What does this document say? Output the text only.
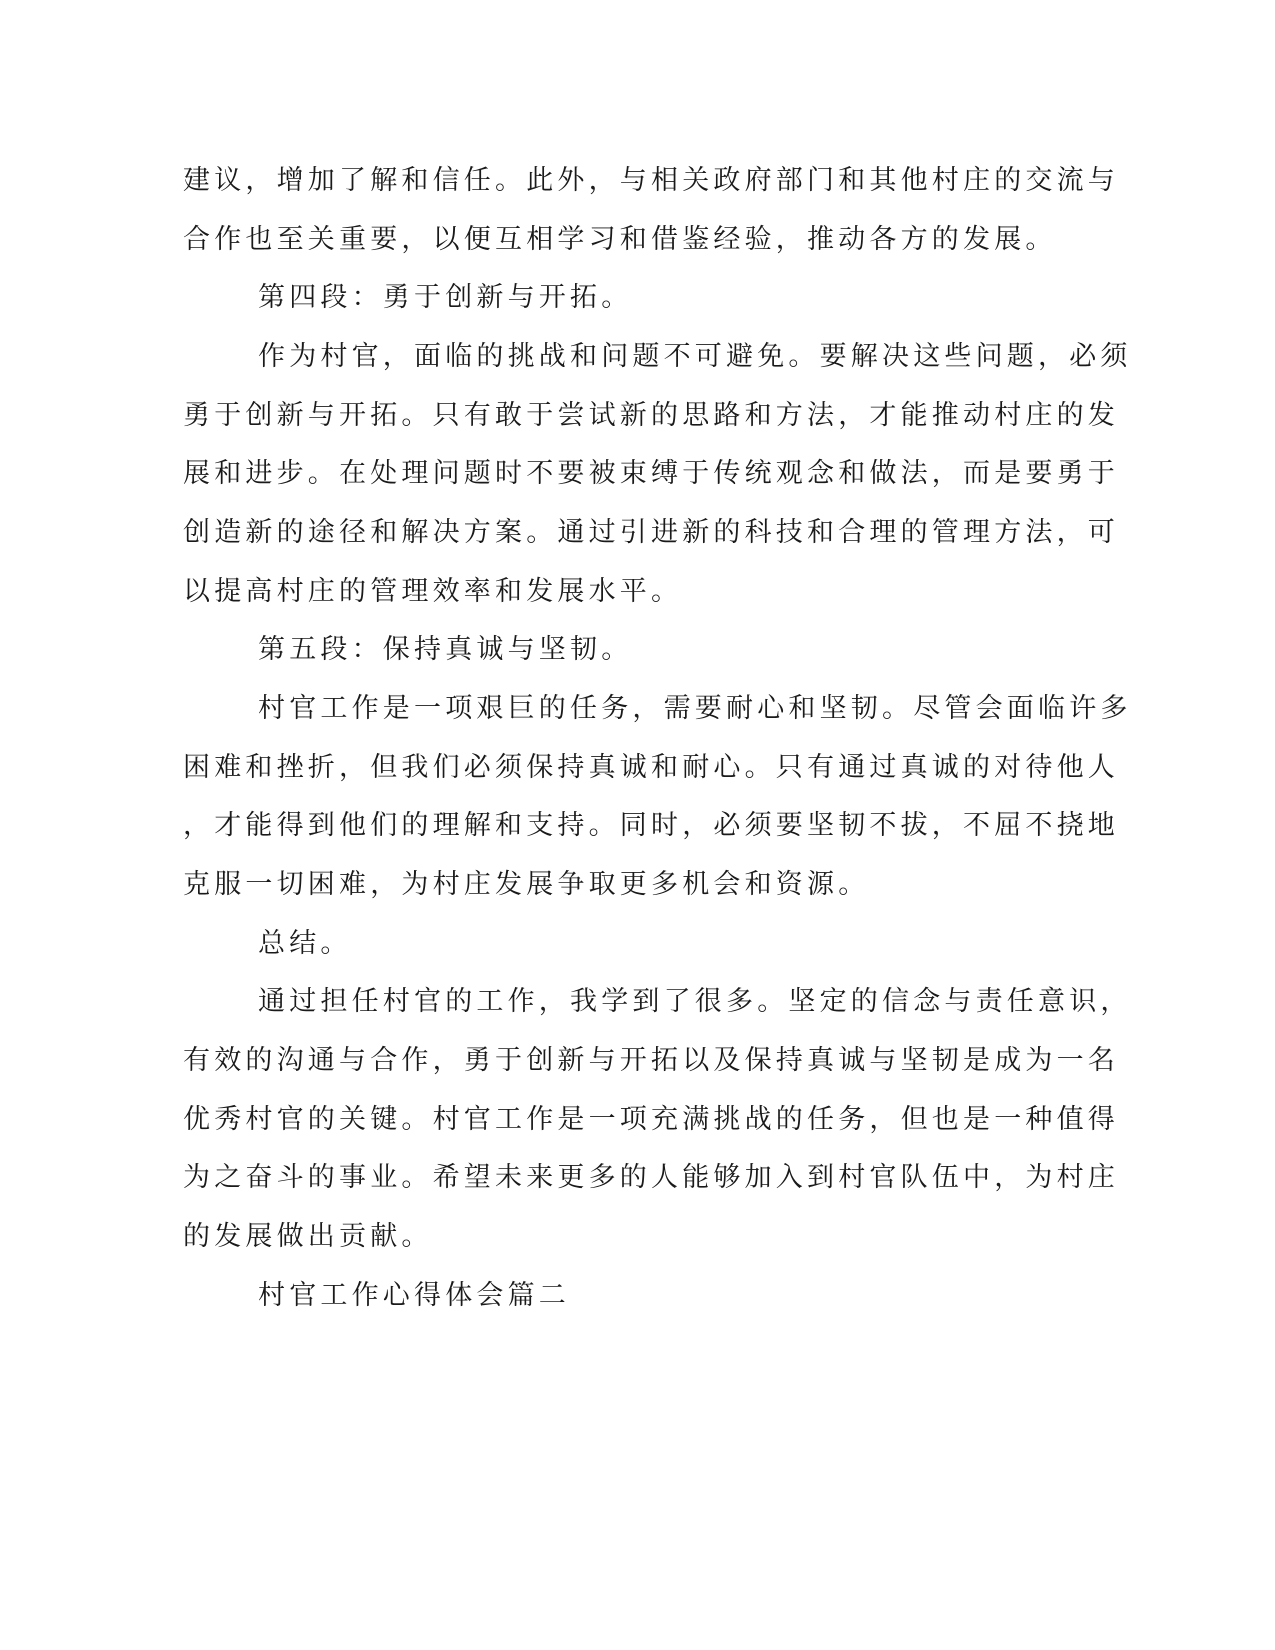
建议，增加了解和信任。此外，与相关政府部门和其他村庄的交流与
合作也至关重要，以便互相学习和借鉴经验，推动各方的发展。
第四段：勇于创新与开拓。
作为村官，面临的挑战和问题不可避免。要解决这些问题，必须
勇于创新与开拓。只有敢于尝试新的思路和方法，才能推动村庄的发
展和进步。在处理问题时不要被束缚于传统观念和做法，而是要勇于
创造新的途径和解决方案。通过引进新的科技和合理的管理方法，可
以提高村庄的管理效率和发展水平。
第五段：保持真诚与坚韧。
村官工作是一项艰巨的任务，需要耐心和坚韧。尽管会面临许多
困难和挫折，但我们必须保持真诚和耐心。只有通过真诚的对待他人
，才能得到他们的理解和支持。同时，必须要坚韧不拔，不屈不挠地
克服一切困难，为村庄发展争取更多机会和资源。
总结。
通过担任村官的工作，我学到了很多。坚定的信念与责任意识，
有效的沟通与合作，勇于创新与开拓以及保持真诚与坚韧是成为一名
优秀村官的关键。村官工作是一项充满挑战的任务，但也是一种值得
为之奋斗的事业。希望未来更多的人能够加入到村官队伍中，为村庄
的发展做出贡献。
村官工作心得体会篇二
